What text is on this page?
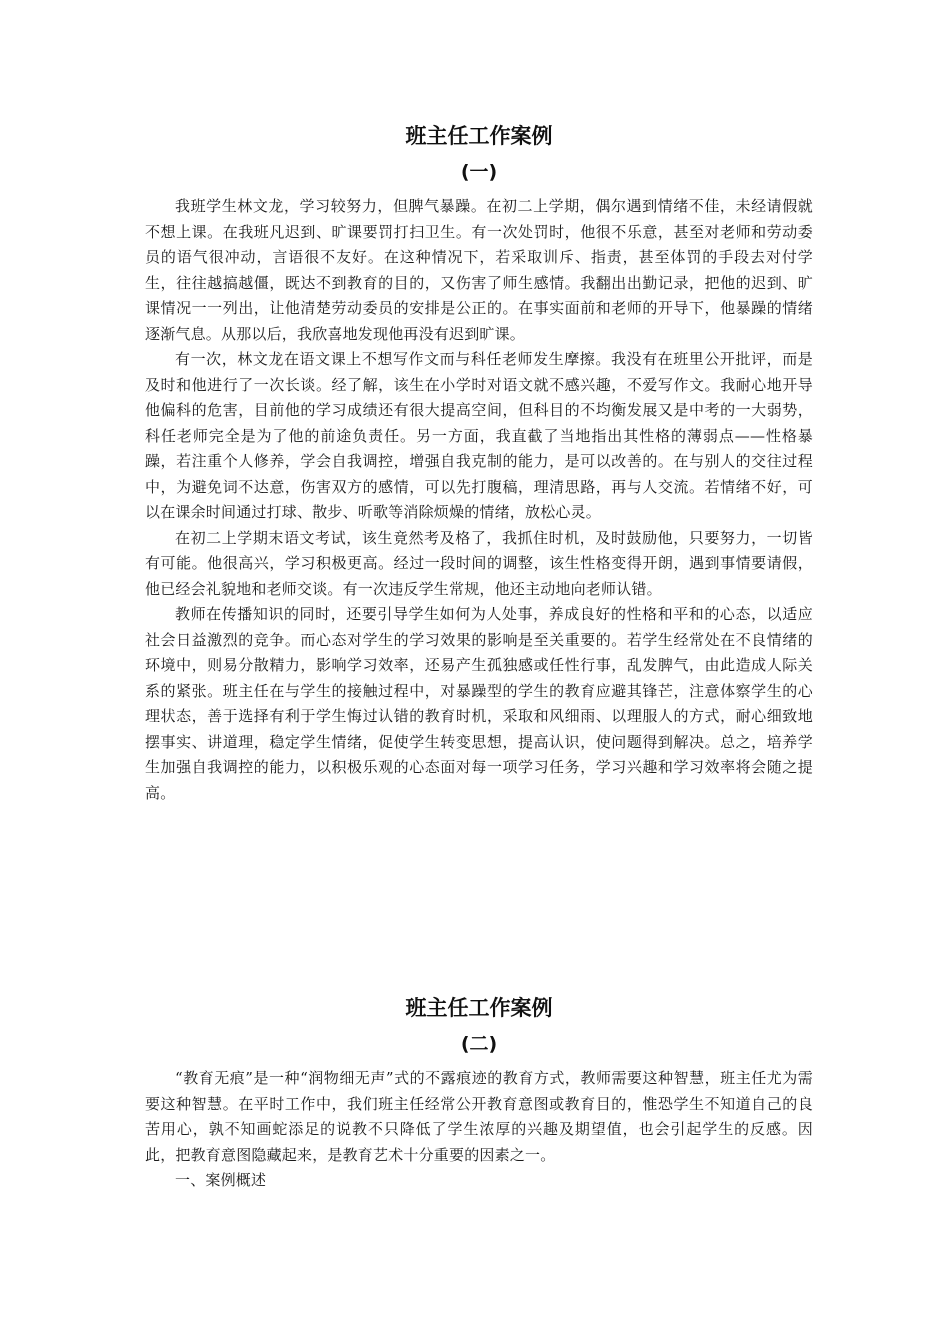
班主任工作案例
(一)

我班学生林文龙，学习较努力，但脾气暴躁。在初二上学期，偶尔遇到情绪不佳，未经请假就不想上课。在我班凡迟到、旷课要罚打扫卫生。有一次处罚时，他很不乐意，甚至对老师和劳动委员的语气很冲动，言语很不友好。在这种情况下，若采取训斥、指责，甚至体罚的手段去对付学生，往往越搞越僵，既达不到教育的目的，又伤害了师生感情。我翻出出勤记录，把他的迟到、旷课情况一一列出，让他清楚劳动委员的安排是公正的。在事实面前和老师的开导下，他暴躁的情绪逐渐气息。从那以后，我欣喜地发现他再没有迟到旷课。

有一次，林文龙在语文课上不想写作文而与科任老师发生摩擦。我没有在班里公开批评，而是及时和他进行了一次长谈。经了解，该生在小学时对语文就不感兴趣，不爱写作文。我耐心地开导他偏科的危害，目前他的学习成绩还有很大提高空间，但科目的不均衡发展又是中考的一大弱势，科任老师完全是为了他的前途负责任。另一方面，我直截了当地指出其性格的薄弱点——性格暴躁，若注重个人修养，学会自我调控，增强自我克制的能力，是可以改善的。在与别人的交往过程中，为避免词不达意，伤害双方的感情，可以先打腹稿，理清思路，再与人交流。若情绪不好，可以在课余时间通过打球、散步、听歌等消除烦燥的情绪，放松心灵。

在初二上学期末语文考试，该生竟然考及格了，我抓住时机，及时鼓励他，只要努力，一切皆有可能。他很高兴，学习积极更高。经过一段时间的调整，该生性格变得开朗，遇到事情要请假，他已经会礼貌地和老师交谈。有一次违反学生常规，他还主动地向老师认错。

教师在传播知识的同时，还要引导学生如何为人处事，养成良好的性格和平和的心态，以适应社会日益激烈的竞争。而心态对学生的学习效果的影响是至关重要的。若学生经常处在不良情绪的环境中，则易分散精力，影响学习效率，还易产生孤独感或任性行事，乱发脾气，由此造成人际关系的紧张。班主任在与学生的接触过程中，对暴躁型的学生的教育应避其锋芒，注意体察学生的心理状态，善于选择有利于学生悔过认错的教育时机，采取和风细雨、以理服人的方式，耐心细致地摆事实、讲道理，稳定学生情绪，促使学生转变思想，提高认识，使问题得到解决。总之，培养学生加强自我调控的能力，以积极乐观的心态面对每一项学习任务，学习兴趣和学习效率将会随之提高。

班主任工作案例
(二)

“教育无痕”是一种“润物细无声”式的不露痕迹的教育方式，教师需要这种智慧，班主任尤为需要这种智慧。在平时工作中，我们班主任经常公开教育意图或教育目的，惟恐学生不知道自己的良苦用心，孰不知画蛇添足的说教不只降低了学生浓厚的兴趣及期望值，也会引起学生的反感。因此，把教育意图隐藏起来，是教育艺术十分重要的因素之一。

一、案例概述
